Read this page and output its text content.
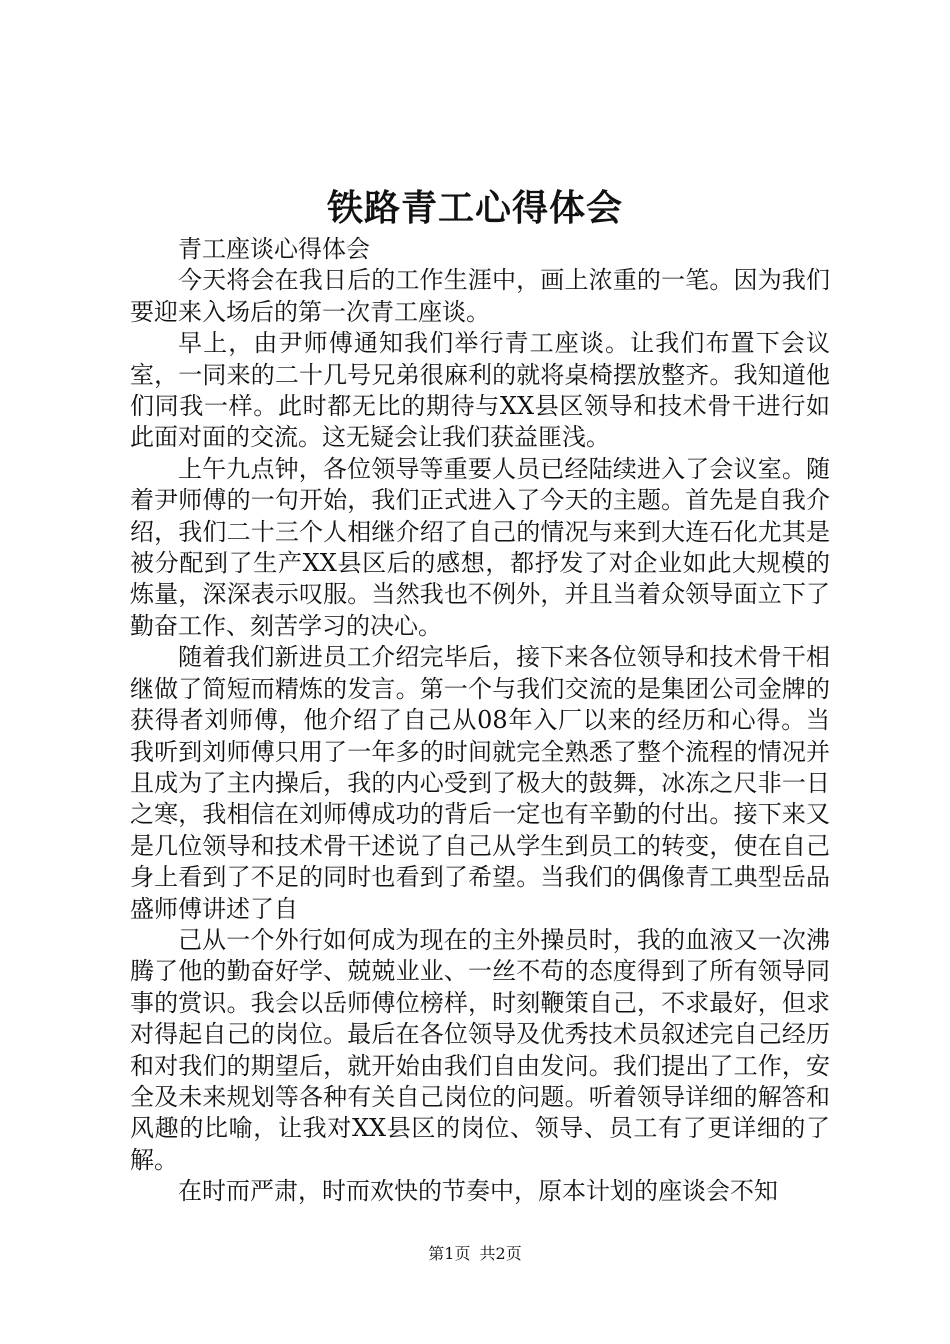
铁路青工心得体会

青工座谈心得体会

今天将会在我日后的工作生涯中，画上浓重的一笔。因为我们要迎来入场后的第一次青工座谈。

早上，由尹师傅通知我们举行青工座谈。让我们布置下会议室，一同来的二十几号兄弟很麻利的就将桌椅摆放整齐。我知道他们同我一样。此时都无比的期待与XX县区领导和技术骨干进行如此面对面的交流。这无疑会让我们获益匪浅。

上午九点钟，各位领导等重要人员已经陆续进入了会议室。随着尹师傅的一句开始，我们正式进入了今天的主题。首先是自我介绍，我们二十三个人相继介绍了自己的情况与来到大连石化尤其是被分配到了生产XX县区后的感想，都抒发了对企业如此大规模的炼量，深深表示叹服。当然我也不例外，并且当着众领导面立下了勤奋工作、刻苦学习的决心。

随着我们新进员工介绍完毕后，接下来各位领导和技术骨干相继做了简短而精炼的发言。第一个与我们交流的是集团公司金牌的获得者刘师傅，他介绍了自己从08年入厂以来的经历和心得。当我听到刘师傅只用了一年多的时间就完全熟悉了整个流程的情况并且成为了主内操后，我的内心受到了极大的鼓舞，冰冻之尺非一日之寒，我相信在刘师傅成功的背后一定也有辛勤的付出。接下来又是几位领导和技术骨干述说了自己从学生到员工的转变，使在自己身上看到了不足的同时也看到了希望。当我们的偶像青工典型岳品盛师傅讲述了自

己从一个外行如何成为现在的主外操员时，我的血液又一次沸腾了他的勤奋好学、兢兢业业、一丝不苟的态度得到了所有领导同事的赏识。我会以岳师傅位榜样，时刻鞭策自己，不求最好，但求对得起自己的岗位。最后在各位领导及优秀技术员叙述完自己经历和对我们的期望后，就开始由我们自由发问。我们提出了工作，安全及未来规划等各种有关自己岗位的问题。听着领导详细的解答和风趣的比喻，让我对XX县区的岗位、领导、员工有了更详细的了解。

在时而严肃，时而欢快的节奏中，原本计划的座谈会不知

第1页 共2页
